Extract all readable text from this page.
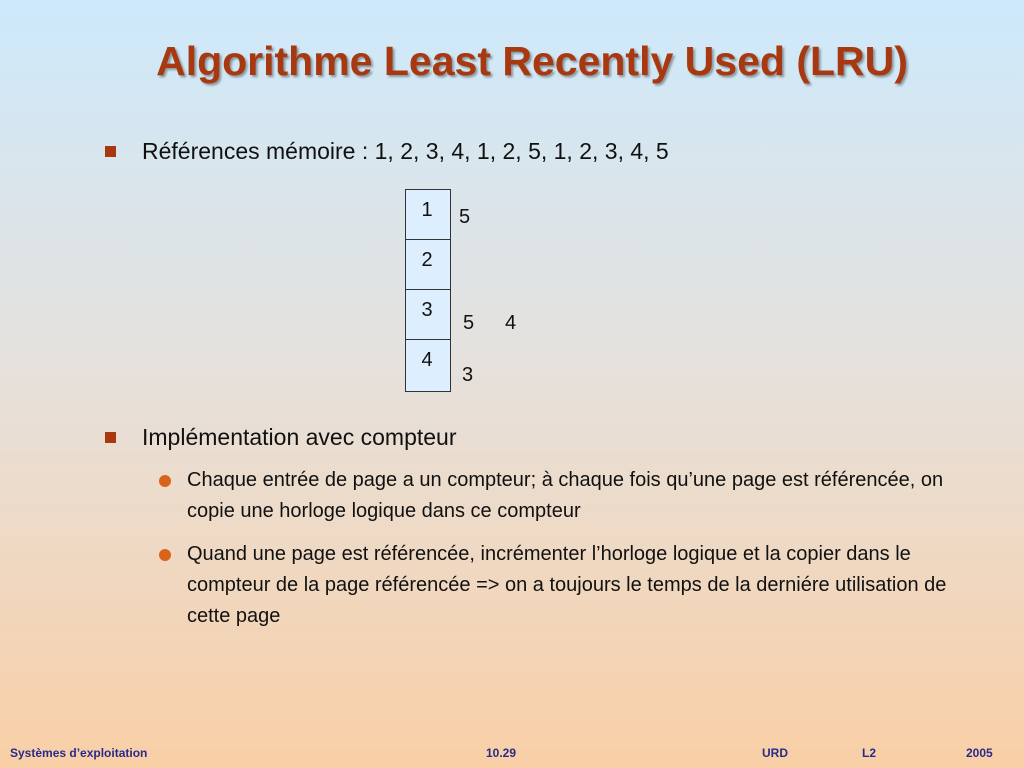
Algorithme Least Recently Used (LRU)
Références mémoire : 1, 2, 3, 4, 1, 2, 5, 1, 2, 3, 4, 5
1
2
3
4
5
5 4
3
Implémentation avec compteur
Chaque entrée de page a un compteur; à chaque fois qu’une page est référencée, on copie une horloge logique dans ce compteur
Quand une page est référencée, incrémenter l’horloge logique et la copier dans le compteur de la page référencée => on a toujours le temps de la derniére utilisation de cette page
Systèmes d’exploitation	10.29	URD	L2	2005
